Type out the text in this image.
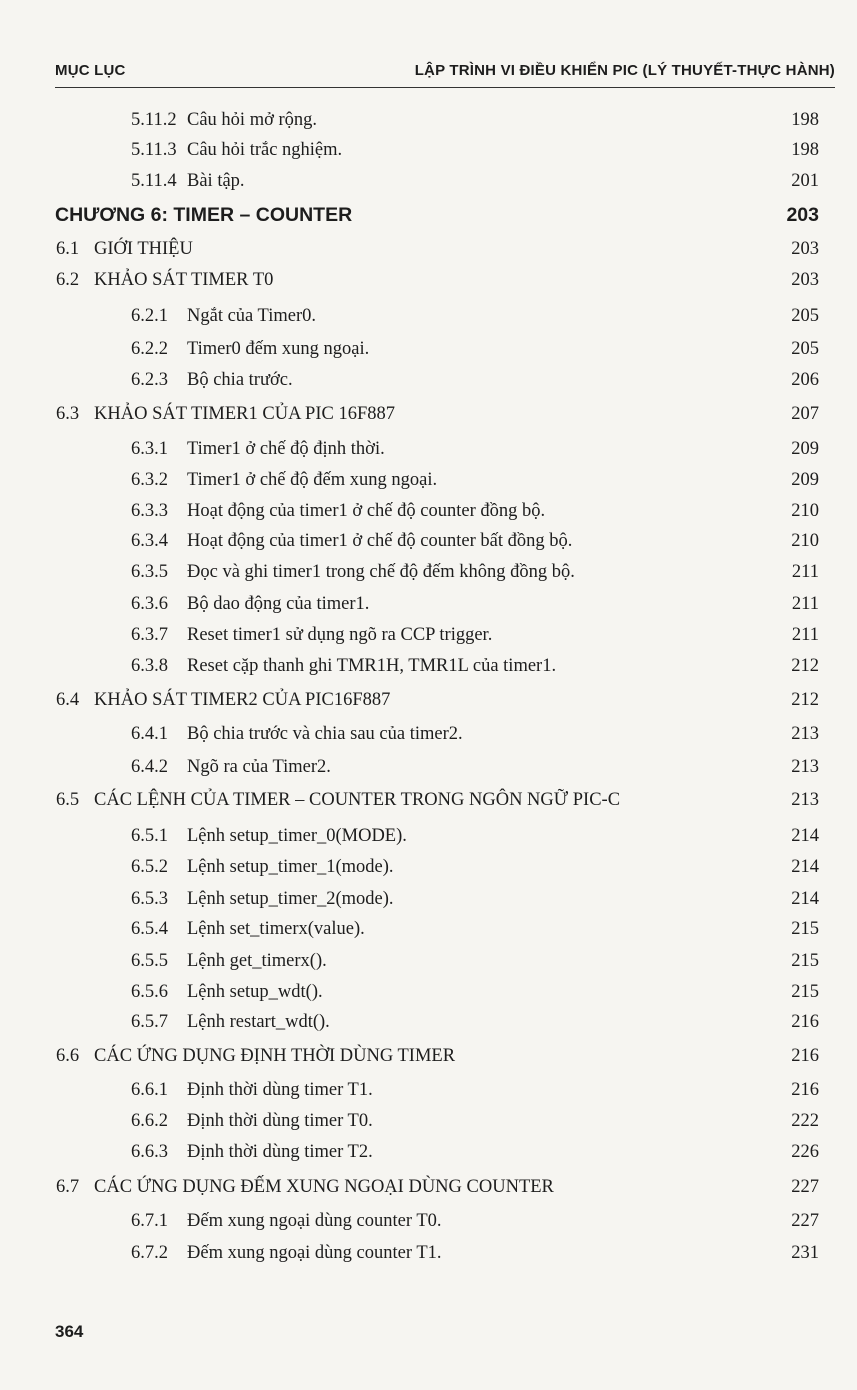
MỤC LỤC	LẬP TRÌNH VI ĐIỀU KHIỂN PIC (LÝ THUYẾT-THỰC HÀNH)
5.11.2 Câu hỏi mở rộng.	198
5.11.3 Câu hỏi trắc nghiệm.	198
5.11.4 Bài tập.	201
CHƯƠNG 6: TIMER – COUNTER	203
6.1 GIỚI THIỆU	203
6.2 KHẢO SÁT TIMER T0	203
6.2.1 Ngắt của Timer0.	205
6.2.2 Timer0 đếm xung ngoại.	205
6.2.3 Bộ chia trước.	206
6.3 KHẢO SÁT TIMER1 CỦA PIC 16F887	207
6.3.1 Timer1 ở chế độ định thời.	209
6.3.2 Timer1 ở chế độ đếm xung ngoại.	209
6.3.3 Hoạt động của timer1 ở chế độ counter đồng bộ.	210
6.3.4 Hoạt động của timer1 ở chế độ counter bất đồng bộ.	210
6.3.5 Đọc và ghi timer1 trong chế độ đếm không đồng bộ.	211
6.3.6 Bộ dao động của timer1.	211
6.3.7 Reset timer1 sử dụng ngõ ra CCP trigger.	211
6.3.8 Reset cặp thanh ghi TMR1H, TMR1L của timer1.	212
6.4 KHẢO SÁT TIMER2 CỦA PIC16F887	212
6.4.1 Bộ chia trước và chia sau của timer2.	213
6.4.2 Ngõ ra của Timer2.	213
6.5 CÁC LỆNH CỦA TIMER – COUNTER TRONG NGÔN NGỮ PIC-C	213
6.5.1 Lệnh setup_timer_0(MODE).	214
6.5.2 Lệnh setup_timer_1(mode).	214
6.5.3 Lệnh setup_timer_2(mode).	214
6.5.4 Lệnh set_timerx(value).	215
6.5.5 Lệnh get_timerx().	215
6.5.6 Lệnh setup_wdt().	215
6.5.7 Lệnh restart_wdt().	216
6.6 CÁC ỨNG DỤNG ĐỊNH THỜI DÙNG TIMER	216
6.6.1 Định thời dùng timer T1.	216
6.6.2 Định thời dùng timer T0.	222
6.6.3 Định thời dùng timer T2.	226
6.7 CÁC ỨNG DỤNG ĐẾM XUNG NGOẠI DÙNG COUNTER	227
6.7.1 Đếm xung ngoại dùng counter T0.	227
6.7.2 Đếm xung ngoại dùng counter T1.	231
364
